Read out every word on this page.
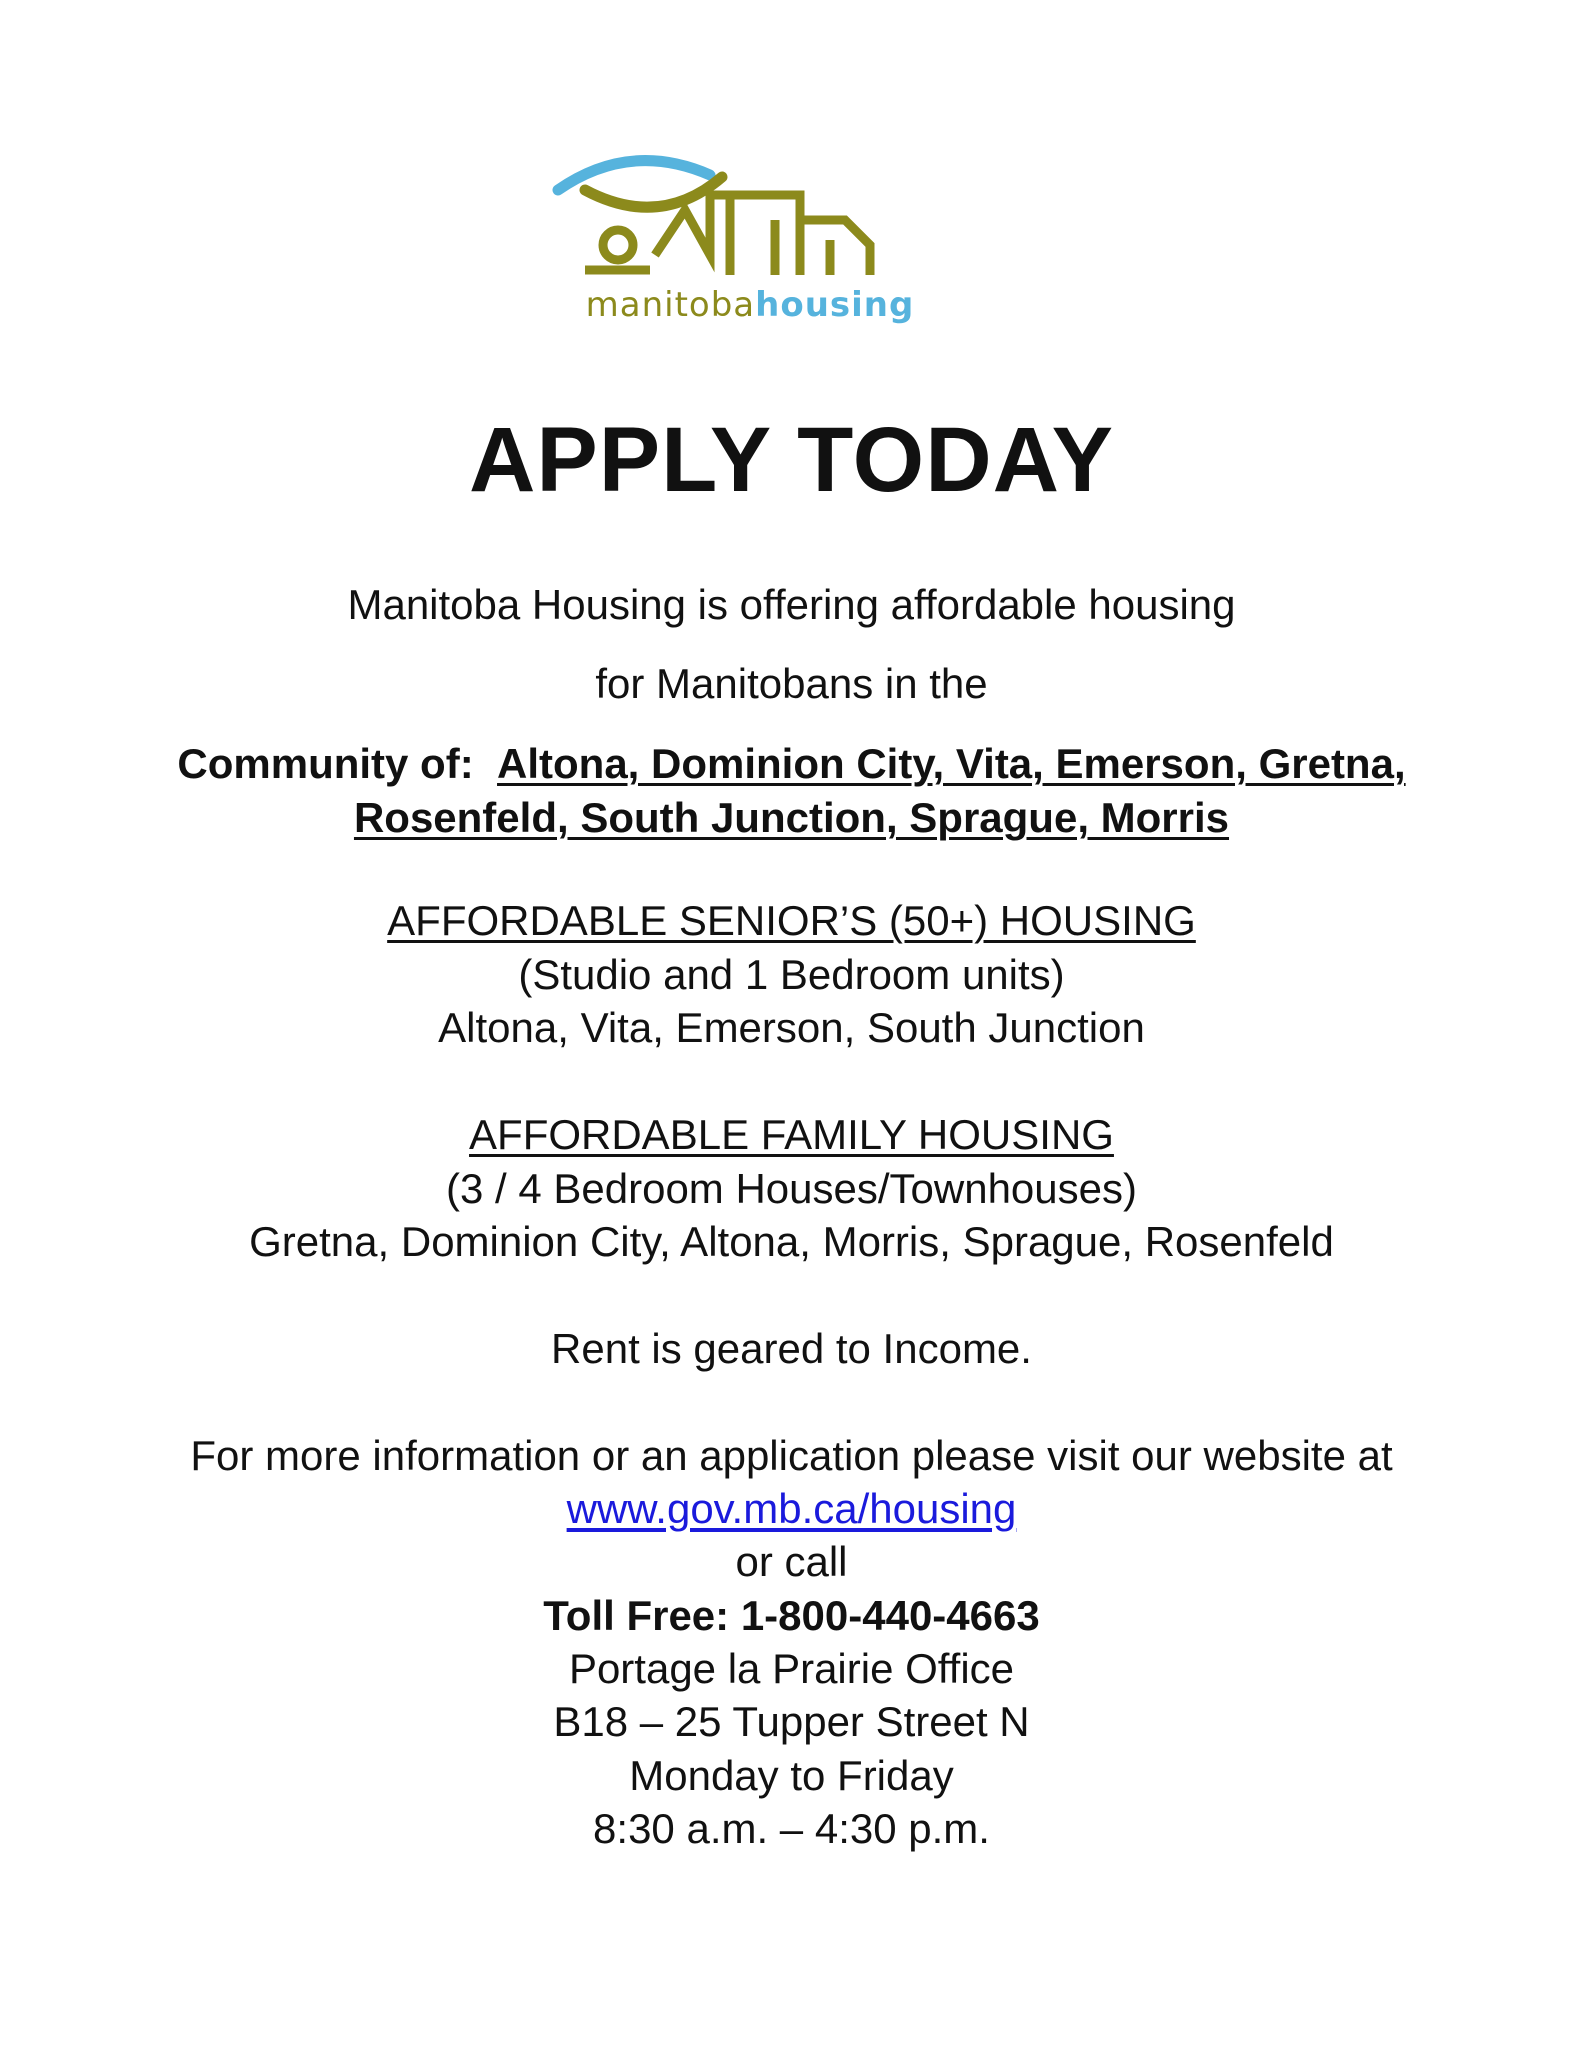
manitobahousing
APPLY TODAY
Manitoba Housing is offering affordable housing
for Manitobans in the
Community of: Altona, Dominion City, Vita, Emerson, Gretna,
Rosenfeld, South Junction, Sprague, Morris
AFFORDABLE SENIOR’S (50+) HOUSING
(Studio and 1 Bedroom units)
Altona, Vita, Emerson, South Junction
AFFORDABLE FAMILY HOUSING
(3 / 4 Bedroom Houses/Townhouses)
Gretna, Dominion City, Altona, Morris, Sprague, Rosenfeld
Rent is geared to Income.
For more information or an application please visit our website at
www.gov.mb.ca/housing
or call
Toll Free: 1-800-440-4663
Portage la Prairie Office
B18 – 25 Tupper Street N
Monday to Friday
8:30 a.m. – 4:30 p.m.
